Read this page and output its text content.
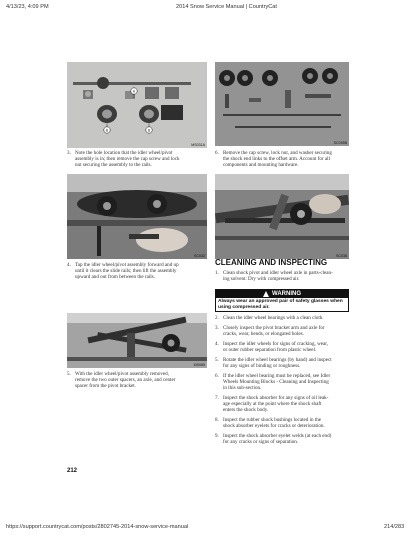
4/13/23, 4:09 PM	2014 Snow Service Manual | CountryCat
A
B	B
MS031A	SC035B
SC032	SC036
MS085
3. Note the hole location that the idler wheel/pivot
assembly is in; then remove the cap screw and lock
nut securing the assembly to the rails.
4. Tap the idler wheel/pivot assembly forward and up
until it clears the slide rails; then lift the assembly
upward and out from between the rails.
5. With the idler wheel/pivot assembly removed,
remove the two outer spacers, an axle, and center
spacer from the pivot bracket.
6. Remove the cap screw, lock nut, and washer securing
the shock end links to the offset arm. Account for all
components and mounting hardware.
CLEANING AND INSPECTING
1. Clean shock pivot and idler wheel axle in parts-clean-
ing solvent. Dry with compressed air.
WARNING
Always wear an approved pair of safety glasses when
using compressed air.
2. Clean the idler wheel bearings with a clean cloth.
3. Closely inspect the pivot bracket arm and axle for
cracks, wear, bends, or elongated holes.
4. Inspect the idler wheels for signs of cracking, wear,
or outer rubber separation from plastic wheel.
5. Rotate the idler wheel bearings (by hand) and inspect
for any signs of binding or roughness.
6. If the idler wheel bearing must be replaced, see Idler
Wheels Mounting Blocks - Cleaning and Inspecting
in this sub-section.
7. Inspect the shock absorber for any signs of oil leak-
age especially at the point where the shock shaft
enters the shock body.
8. Inspect the rubber shock bushings located in the
shock absorber eyelets for cracks or deterioration.
9. Inspect the shock absorber eyelet welds (at each end)
for any cracks or signs of separation.
212
https://support.countrycat.com/posts/2802745-2014-snow-service-manual	214/283
